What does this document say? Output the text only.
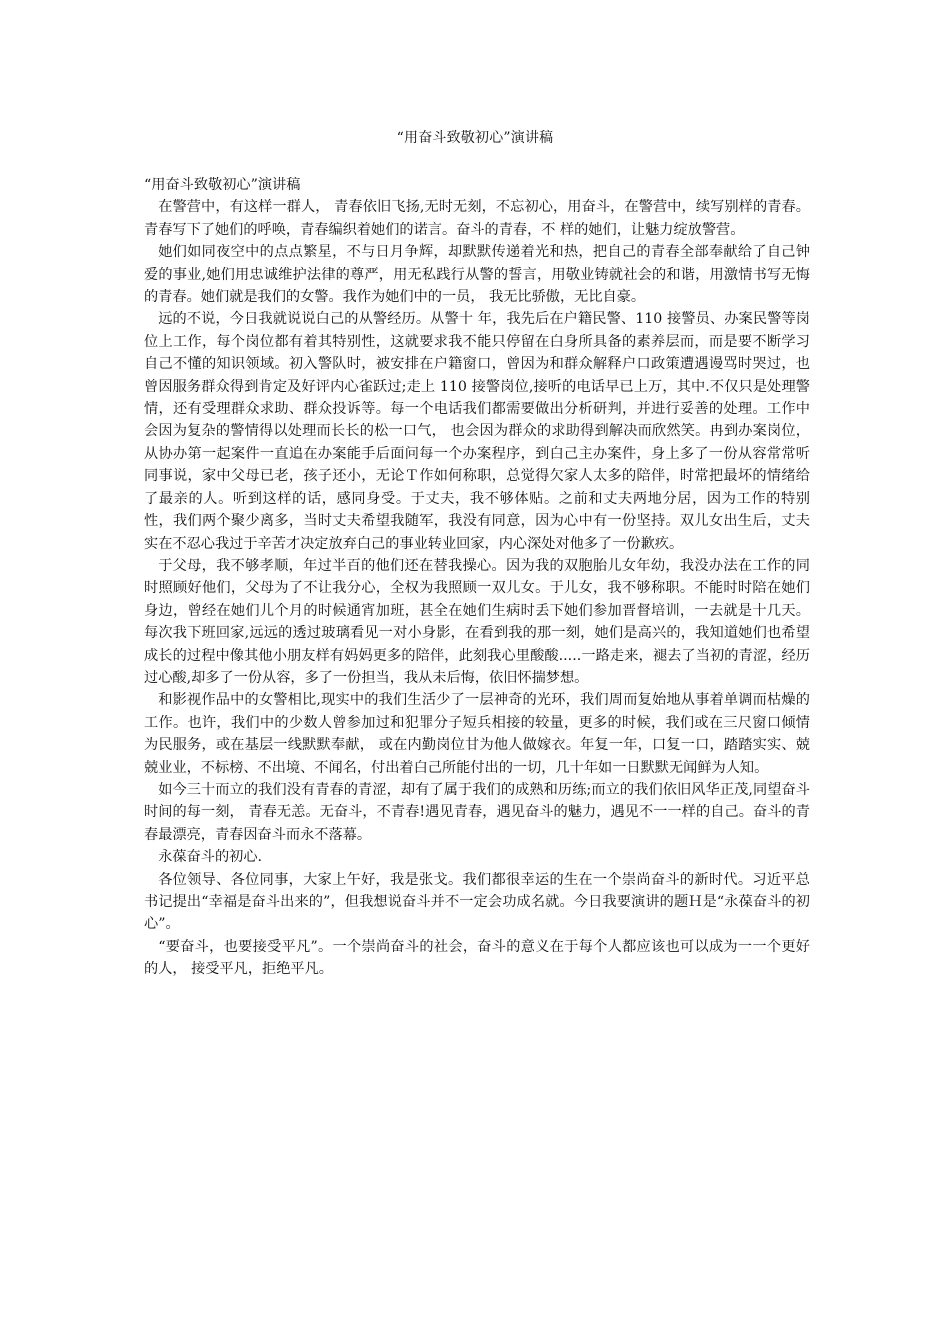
“用奋斗致敬初心”演讲稿

“用奋斗致敬初心”演讲稿

在警营中，有这样一群人， 青春依旧飞扬,无时无刻，不忘初心，用奋斗，在警营中，续写别样的青春。青春写下了她们的呼唤，青春编织着她们的诺言。奋斗的青春，不 样的她们，让魅力绽放警营。

她们如同夜空中的点点繁星，不与日月争辉，却默默传递着光和热，把自己的青春全部奉献给了自己钟爱的事业,她们用忠诚维护法律的尊严，用无私践行从警的誓言，用敬业铸就社会的和谐，用激情书写无悔的青春。她们就是我们的女警。我作为她们中的一员， 我无比骄傲，无比自豪。

远的不说，今日我就说说白己的从警经历。从警十 年，我先后在户籍民警、110 接警员、办案民警等岗位上工作，每个岗位都有着其特别性，这就要求我不能只停留在白身所具备的素养层而，而是要不断学习自己不懂的知识领域。初入警队时，被安排在户籍窗口，曾因为和群众解释户口政策遭遇谩骂时哭过，也曾因服务群众得到肯定及好评内心雀跃过;走上 110 接警岗位,接听的电话早已上万，其中.不仅只是处理警情，还有受理群众求助、群众投诉等。每一个电话我们都需要做出分析研判，并进行妥善的处理。工作中会因为复杂的警情得以处理而长长的松一口气， 也会因为群众的求助得到解决而欣然笑。冉到办案岗位，从协办第一起案件一直追在办案能手后面问每一个办案程序，到白己主办案件，身上多了一份从容常常听同事说，家中父母已老，孩子还小，无论Ｔ作如何称职，总觉得欠家人太多的陪伴，时常把最坏的情绪给了最亲的人。听到这样的话，感同身受。于丈夫，我不够体贴。之前和丈夫两地分居，因为工作的特别性，我们两个聚少离多，当时丈夫希望我随军，我没有同意，因为心中有一份坚持。双儿女出生后，丈夫实在不忍心我过于辛苦才决定放弃白己的事业转业回家，内心深处对他多了一份歉疚。

于父母，我不够孝顺，年过半百的他们还在替我操心。因为我的双胞胎儿女年幼，我没办法在工作的同时照顾好他们，父母为了不让我分心，全权为我照顾一双儿女。于儿女，我不够称职。不能时时陪在她们身边，曾经在她们儿个月的时候通宵加班，甚全在她们生病时丢下她们参加晋督培训，一去就是十几天。每次我下班回家,远远的透过玻璃看见一对小身影，在看到我的那一刻，她们是高兴的，我知道她们也希望成长的过程中像其他小朋友样有妈妈更多的陪伴，此刻我心里酸酸.....一路走来，褪去了当初的青涩，经历过心酸,却多了一份从容，多了一份担当，我从未后悔，依旧怀揣梦想。

和影视作品中的女警相比,现实中的我们生活少了一层神奇的光环，我们周而复始地从事着单调而枯燥的工作。也许，我们中的少数人曾参加过和犯罪分子短兵相接的较量，更多的时候，我们或在三尺窗口倾情为民服务，或在基层一线默默奉献， 或在内勤岗位甘为他人做嫁衣。年复一年，口复一口，踏踏实实、兢兢业业，不标榜、不出境、不闻名，付出着白己所能付出的一切，几十年如一日默默无闻鲜为人知。

如今三十而立的我们没有青春的青涩，却有了属于我们的成熟和历练;而立的我们依旧风华正茂,同望奋斗时间的每一刻， 青春无恙。无奋斗，不青春!遇见青春，遇见奋斗的魅力，遇见不一一样的自己。奋斗的青春最漂亮，青春因奋斗而永不落幕。

永葆奋斗的初心.

各位领导、各位同事，大家上午好，我是张戈。我们都很幸运的生在一个崇尚奋斗的新时代。习近平总书记提出“幸福是奋斗出来的”，但我想说奋斗并不一定会功成名就。今日我要演讲的题Ｈ是“永葆奋斗的初心”。

“要奋斗，也要接受平凡”。一个崇尚奋斗的社会，奋斗的意义在于每个人都应该也可以成为一一个更好的人， 接受平凡，拒绝平凡。
